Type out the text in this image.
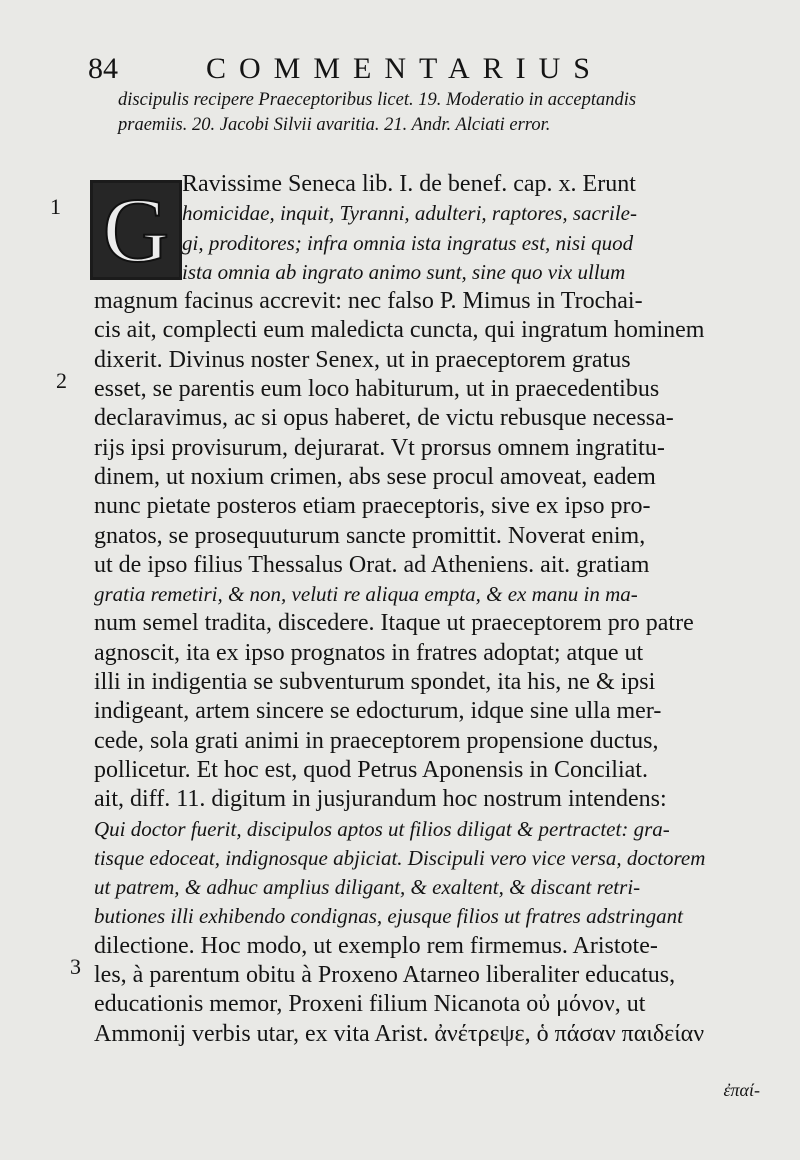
84	COMMENTARIUS
discipulis recipere Praeceptoribus licet. 19. Moderatio in acceptandis
praemiis. 20. Jacobi Silvii avaritia. 21. Andr. Alciati error.
G
1
2
3
Ravissime Seneca lib. I. de benef. cap. x. Erunt
homicidae, inquit, Tyranni, adulteri, raptores, sacrile-
gi, proditores; infra omnia ista ingratus est, nisi quod
ista omnia ab ingrato animo sunt, sine quo vix ullum
magnum facinus accrevit: nec falso P. Mimus in Trochai-
cis ait, complecti eum maledicta cuncta, qui ingratum hominem
dixerit. Divinus noster Senex, ut in praeceptorem gratus
esset, se parentis eum loco habiturum, ut in praecedentibus
declaravimus, ac si opus haberet, de victu rebusque necessa-
rijs ipsi provisurum, dejurarat. Vt prorsus omnem ingratitu-
dinem, ut noxium crimen, abs sese procul amoveat, eadem
nunc pietate posteros etiam praeceptoris, sive ex ipso pro-
gnatos, se prosequuturum sancte promittit. Noverat enim,
ut de ipso filius Thessalus Orat. ad Atheniens. ait. gratiam
gratia remetiri, & non, veluti re aliqua empta, & ex manu in ma-
num semel tradita, discedere. Itaque ut praeceptorem pro patre
agnoscit, ita ex ipso prognatos in fratres adoptat; atque ut
illi in indigentia se subventurum spondet, ita his, ne & ipsi
indigeant, artem sincere se edocturum, idque sine ulla mer-
cede, sola grati animi in praeceptorem propensione ductus,
pollicetur. Et hoc est, quod Petrus Aponensis in Conciliat.
ait, diff. 11. digitum in jusjurandum hoc nostrum intendens:
Qui doctor fuerit, discipulos aptos ut filios diligat & pertractet: gra-
tisque edoceat, indignosque abjiciat. Discipuli vero vice versa, doctorem
ut patrem, & adhuc amplius diligant, & exaltent, & discant retri-
butiones illi exhibendo condignas, ejusque filios ut fratres adstringant
dilectione. Hoc modo, ut exemplo rem firmemus. Aristote-
les, à parentum obitu à Proxeno Atarneo liberaliter educatus,
educationis memor, Proxeni filium Nicanota οὐ μόνον, ut
Ammonij verbis utar, ex vita Arist. ἀνέτρεψε, ὁ πάσαν παιδείαν
ἐπαί-
